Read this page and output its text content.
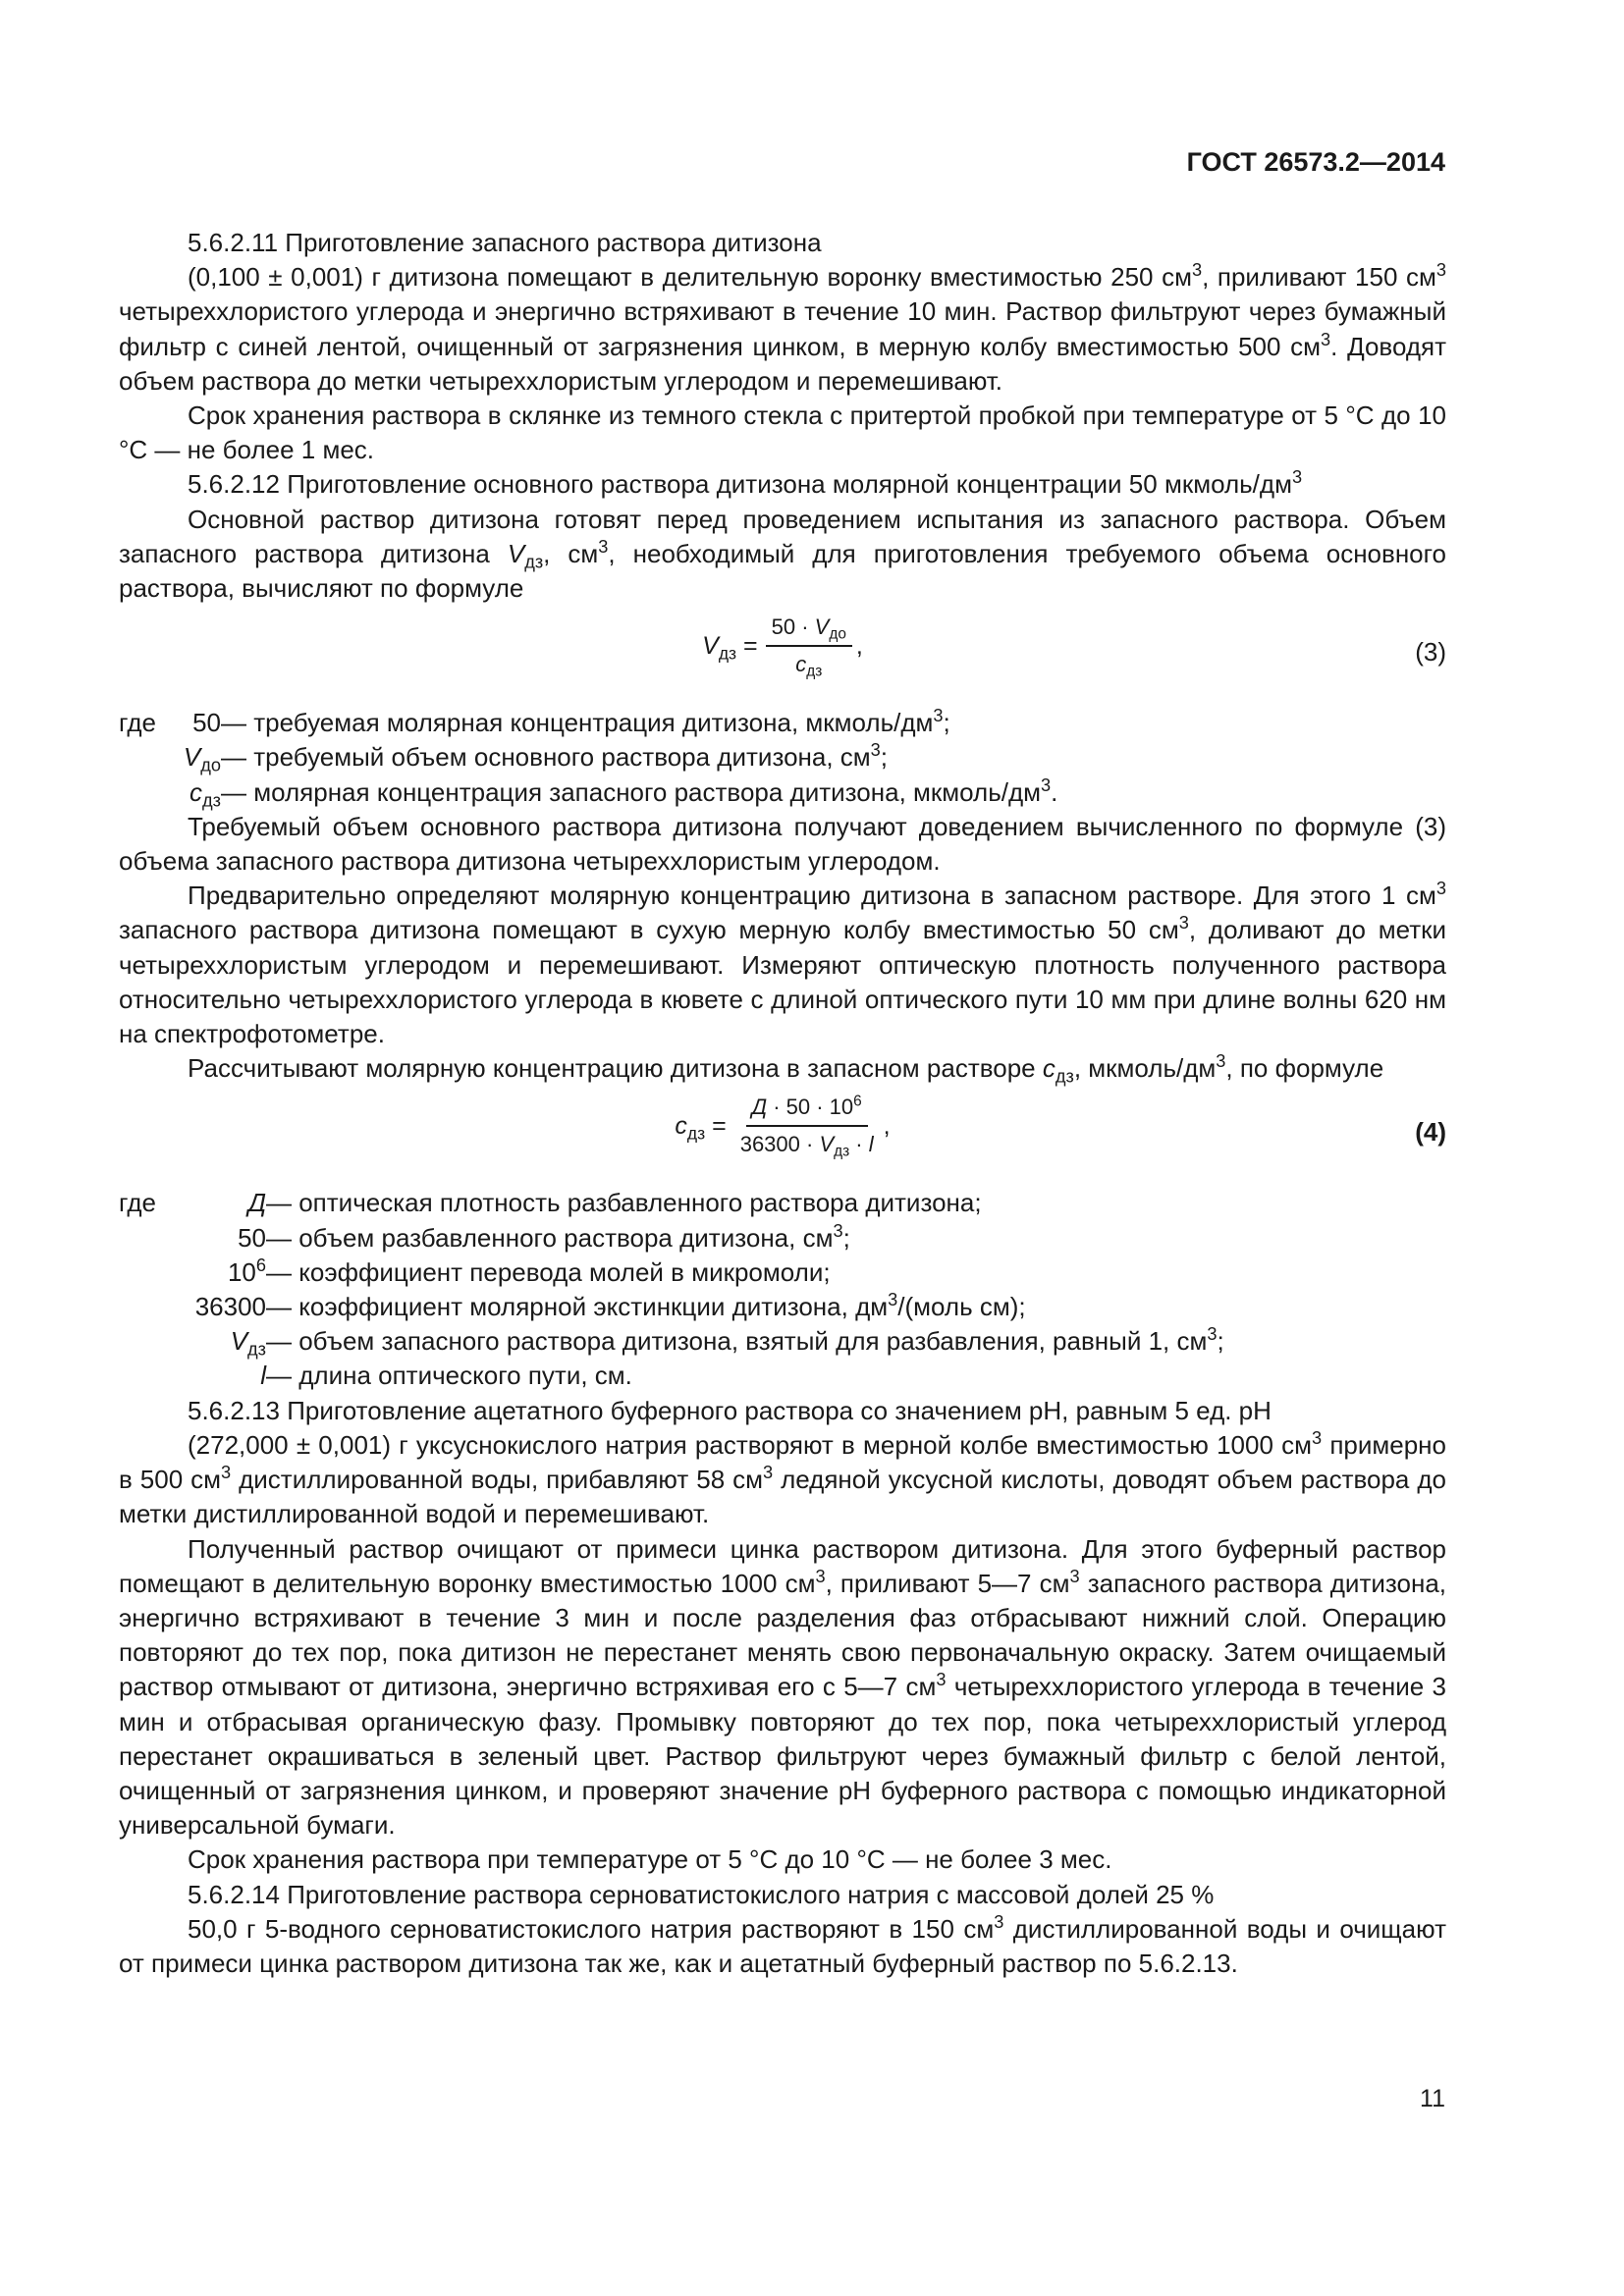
ГОСТ 26573.2—2014

5.6.2.11 Приготовление запасного раствора дитизона

(0,100 ± 0,001) г дитизона помещают в делительную воронку вместимостью 250 $см^3$, приливают 150 $см^3$ четыреххлористого углерода и энергично встряхивают в течение 10 мин. Раствор фильтруют через бумажный фильтр с синей лентой, очищенный от загрязнения цинком, в мерную колбу вместимостью 500 $см^3$. Доводят объем раствора до метки четыреххлористым углеродом и перемешивают.

Срок хранения раствора в склянке из темного стекла с притертой пробкой при температуре от 5 °С до 10 °С — не более 1 мес.

5.6.2.12 Приготовление основного раствора дитизона молярной концентрации 50 мкмоль/$дм^3$

Основной раствор дитизона готовят перед проведением испытания из запасного раствора. Объем запасного раствора дитизона $V_{дз}$, $см^3$, необходимый для приготовления требуемого объема основного раствора, вычисляют по формуле

$V_{дз} = \frac{50 \cdot V_{до}}{c_{дз}}$ ,	(3)
где	50 — требуемая молярная концентрация дитизона, мкмоль/$дм^3$;
$V_{до}$ — требуемый объем основного раствора дитизона, $см^3$;
$c_{дз}$ — молярная концентрация запасного раствора дитизона, мкмоль/$дм^3$.

Требуемый объем основного раствора дитизона получают доведением вычисленного по формуле (3) объема запасного раствора дитизона четыреххлористым углеродом.

Предварительно определяют молярную концентрацию дитизона в запасном растворе. Для этого 1 $см^3$ запасного раствора дитизона помещают в сухую мерную колбу вместимостью 50 $см^3$, доливают до метки четыреххлористым углеродом и перемешивают. Измеряют оптическую плотность полученного раствора относительно четыреххлористого углерода в кювете с длиной оптического пути 10 мм при длине волны 620 нм на спектрофотометре.

Рассчитывают молярную концентрацию дитизона в запасном растворе $c_{дз}$, мкмоль/$дм^3$, по формуле

$c_{дз} = \frac{Д \cdot 50 \cdot 10^6}{36300 \cdot V_{дз} \cdot l}$ ,	(4)
где	Д — оптическая плотность разбавленного раствора дитизона;
50 — объем разбавленного раствора дитизона, $см^3$;
$10^6$ — коэффициент перевода молей в микромоли;
36300 — коэффициент молярной экстинкции дитизона, $дм^3/(моль$ см);
$V_{дз}$ — объем запасного раствора дитизона, взятый для разбавления, равный 1, $см^3$;
l — длина оптического пути, см.

5.6.2.13 Приготовление ацетатного буферного раствора со значением pH, равным 5 ед. pH

(272,000 ± 0,001) г уксуснокислого натрия растворяют в мерной колбе вместимостью 1000 $см^3$ примерно в 500 $см^3$ дистиллированной воды, прибавляют 58 $см^3$ ледяной уксусной кислоты, доводят объем раствора до метки дистиллированной водой и перемешивают.

Полученный раствор очищают от примеси цинка раствором дитизона. Для этого буферный раствор помещают в делительную воронку вместимостью 1000 $см^3$, приливают 5—7 $см^3$ запасного раствора дитизона, энергично встряхивают в течение 3 мин и после разделения фаз отбрасывают нижний слой. Операцию повторяют до тех пор, пока дитизон не перестанет менять свою первоначальную окраску. Затем очищаемый раствор отмывают от дитизона, энергично встряхивая его с 5—7 $см^3$ четыреххлористого углерода в течение 3 мин и отбрасывая органическую фазу. Промывку повторяют до тех пор, пока четыреххлористый углерод перестанет окрашиваться в зеленый цвет. Раствор фильтруют через бумажный фильтр с белой лентой, очищенный от загрязнения цинком, и проверяют значение pH буферного раствора с помощью индикаторной универсальной бумаги.

Срок хранения раствора при температуре от 5 °С до 10 °С — не более 3 мес.

5.6.2.14 Приготовление раствора серноватистокислого натрия с массовой долей 25 %

50,0 г 5-водного серноватистокислого натрия растворяют в 150 $см^3$ дистиллированной воды и очищают от примеси цинка раствором дитизона так же, как и ацетатный буферный раствор по 5.6.2.13.

11
